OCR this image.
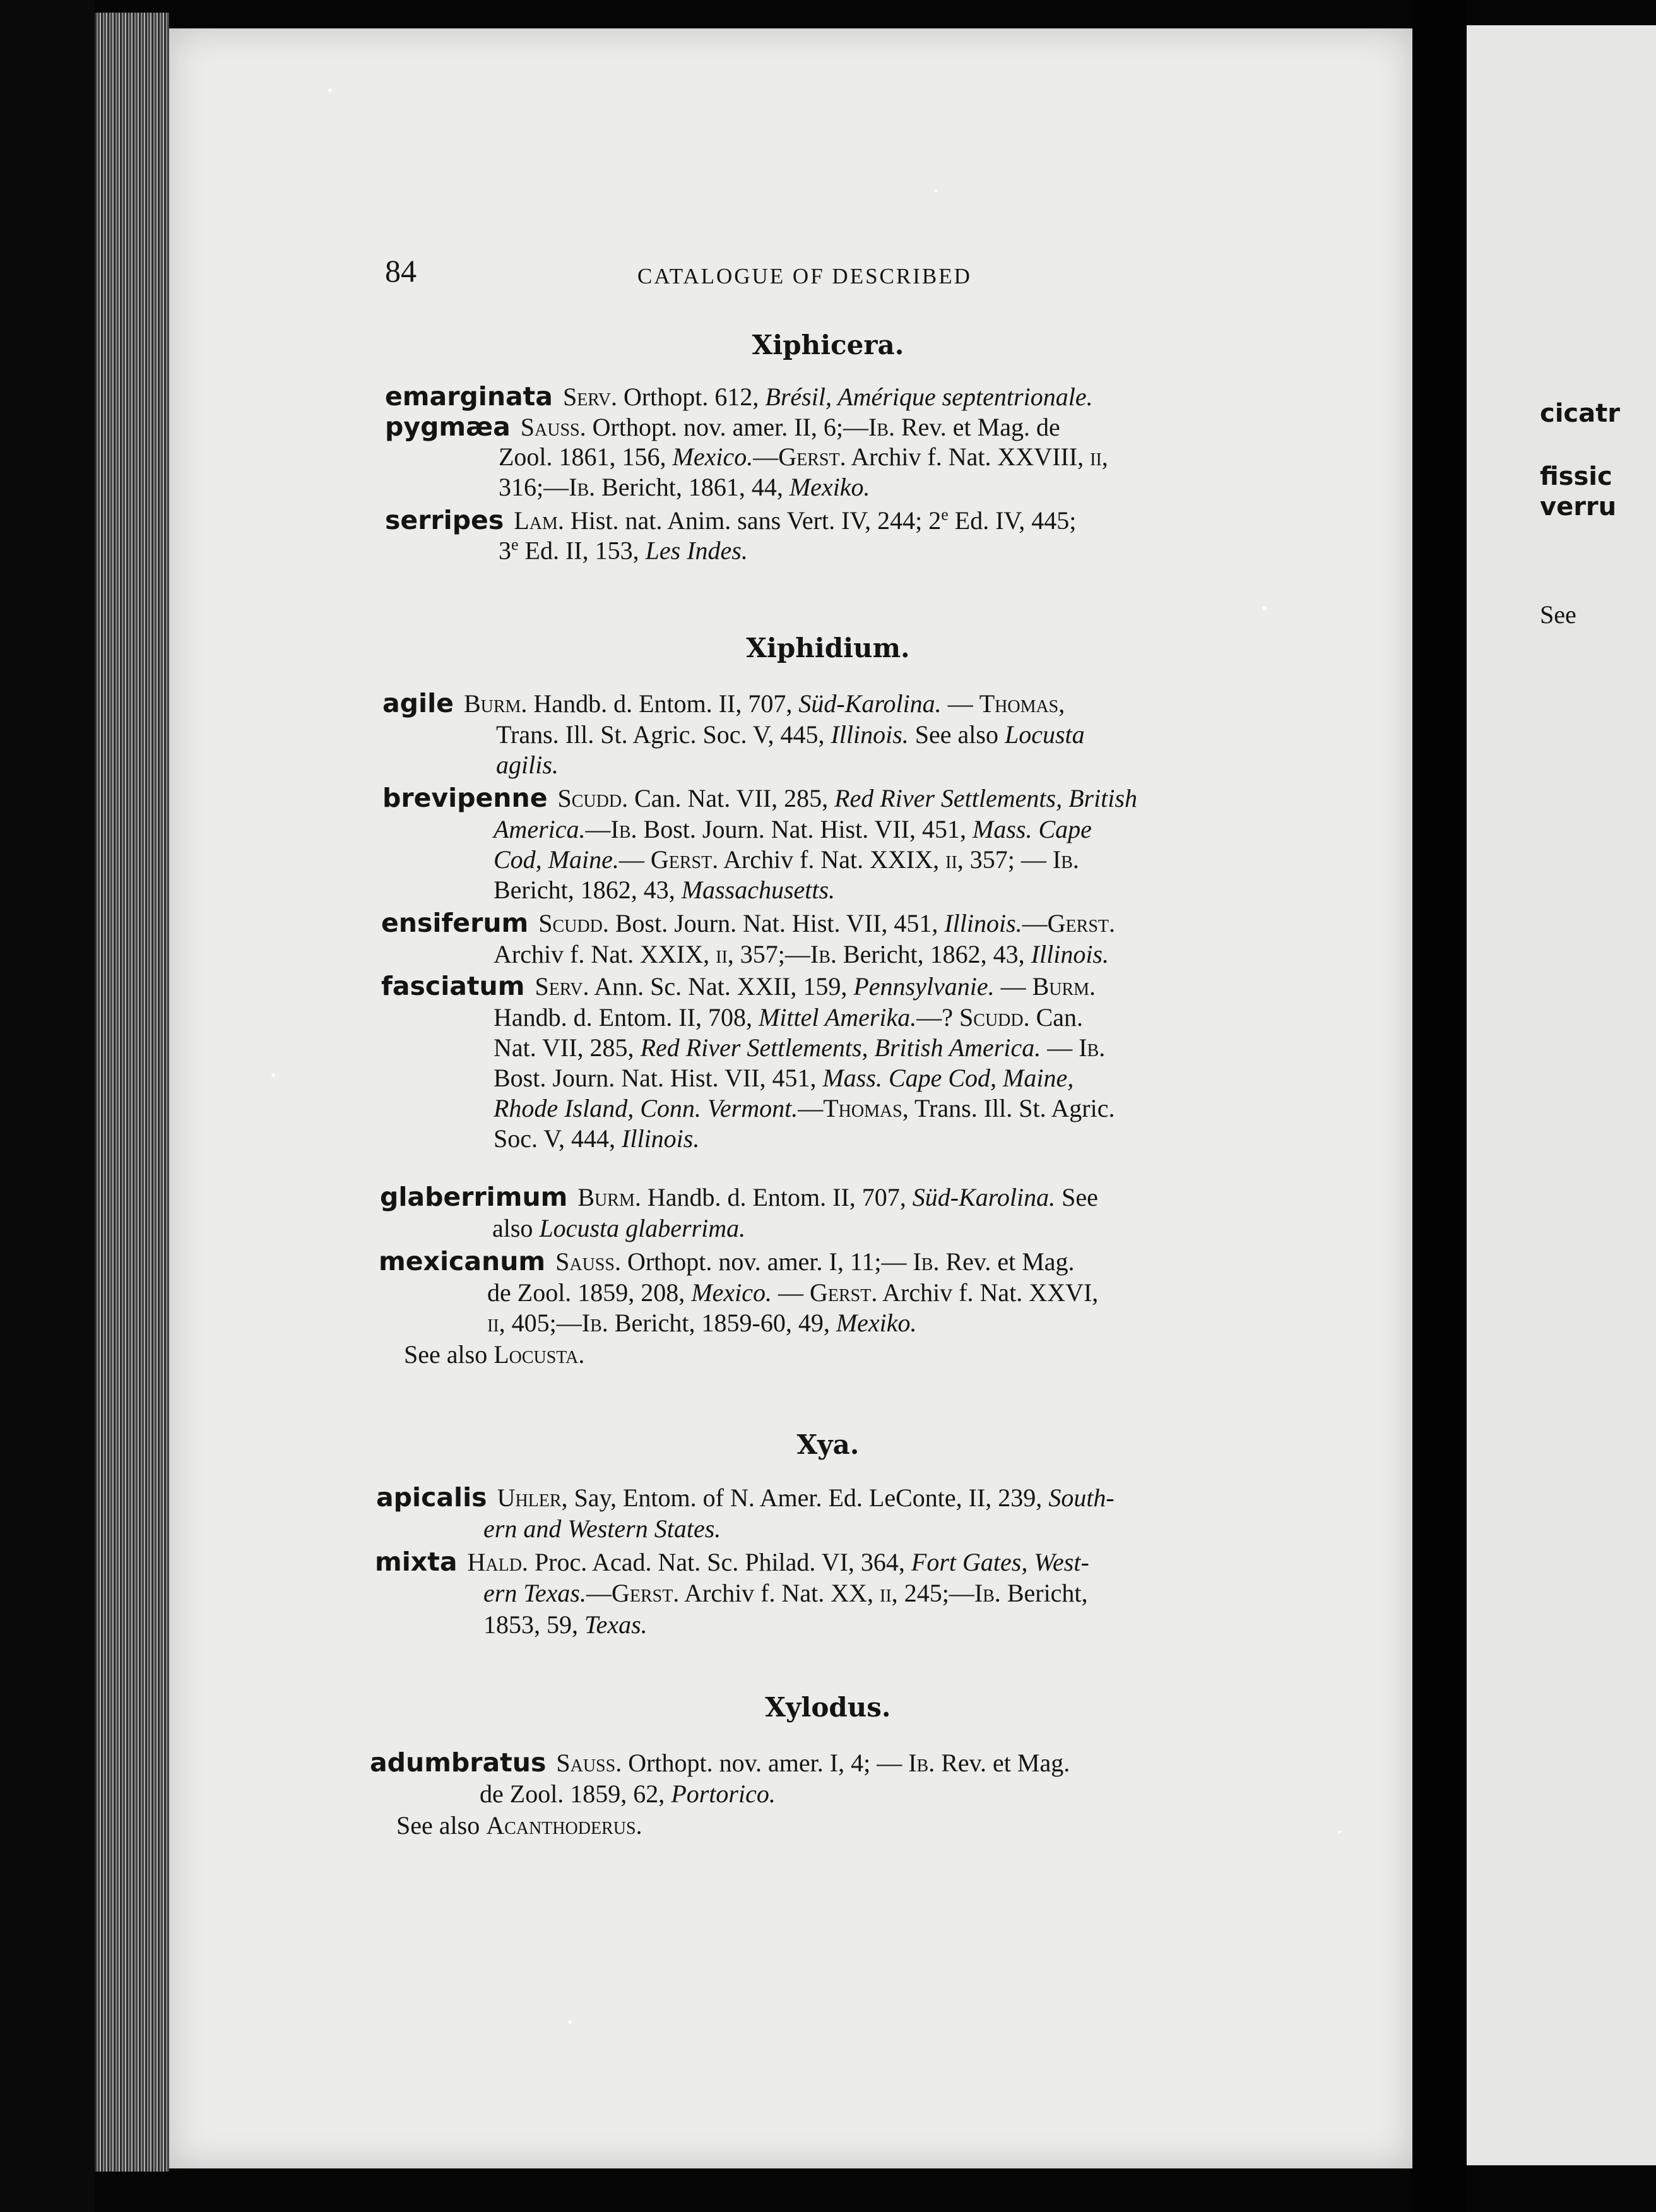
cicatr
fissic
verru
See
84	CATALOGUE OF DESCRIBED
Xiphicera.
emarginata Serv. Orthopt. 612, Brésil, Amérique septentrionale.
pygmæa Sauss. Orthopt. nov. amer. II, 6;—Ib. Rev. et Mag. de
Zool. 1861, 156, Mexico.—Gerst. Archiv f. Nat. XXVIII, ii,
316;—Ib. Bericht, 1861, 44, Mexiko.
serripes Lam. Hist. nat. Anim. sans Vert. IV, 244; 2e Ed. IV, 445;
3e Ed. II, 153, Les Indes.
Xiphidium.
agile Burm. Handb. d. Entom. II, 707, Süd-Karolina. — Thomas,
Trans. Ill. St. Agric. Soc. V, 445, Illinois. See also Locusta
agilis.
brevipenne Scudd. Can. Nat. VII, 285, Red River Settlements, British
America.—Ib. Bost. Journ. Nat. Hist. VII, 451, Mass. Cape
Cod, Maine.— Gerst. Archiv f. Nat. XXIX, ii, 357; — Ib.
Bericht, 1862, 43, Massachusetts.
ensiferum Scudd. Bost. Journ. Nat. Hist. VII, 451, Illinois.—Gerst.
Archiv f. Nat. XXIX, ii, 357;—Ib. Bericht, 1862, 43, Illinois.
fasciatum Serv. Ann. Sc. Nat. XXII, 159, Pennsylvanie. — Burm.
Handb. d. Entom. II, 708, Mittel Amerika.—? Scudd. Can.
Nat. VII, 285, Red River Settlements, British America. — Ib.
Bost. Journ. Nat. Hist. VII, 451, Mass. Cape Cod, Maine,
Rhode Island, Conn. Vermont.—Thomas, Trans. Ill. St. Agric.
Soc. V, 444, Illinois.
glaberrimum Burm. Handb. d. Entom. II, 707, Süd-Karolina. See
also Locusta glaberrima.
mexicanum Sauss. Orthopt. nov. amer. I, 11;— Ib. Rev. et Mag.
de Zool. 1859, 208, Mexico. — Gerst. Archiv f. Nat. XXVI,
ii, 405;—Ib. Bericht, 1859-60, 49, Mexiko.
See also Locusta.
Xya.
apicalis Uhler, Say, Entom. of N. Amer. Ed. LeConte, II, 239, South-
ern and Western States.
mixta Hald. Proc. Acad. Nat. Sc. Philad. VI, 364, Fort Gates, West-
ern Texas.—Gerst. Archiv f. Nat. XX, ii, 245;—Ib. Bericht,
1853, 59, Texas.
Xylodus.
adumbratus Sauss. Orthopt. nov. amer. I, 4; — Ib. Rev. et Mag.
de Zool. 1859, 62, Portorico.
See also Acanthoderus.
